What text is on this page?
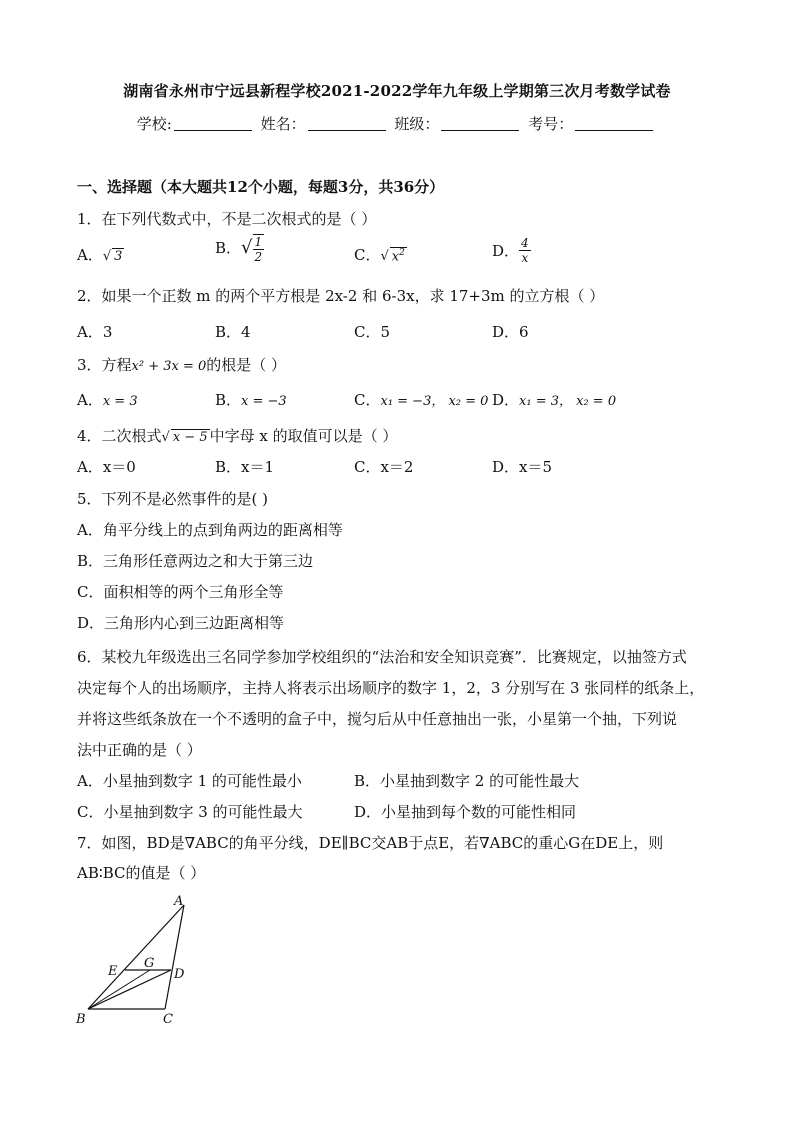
湖南省永州市宁远县新程学校2021-2022学年九年级上学期第三次月考数学试卷
学校:	姓名：	班级：	考号：
一、选择题（本大题共12个小题，每题3分，共36分）
1．在下列代数式中，不是二次根式的是（ ）
A．√ 3	B．√ $\frac{1}{2}$	C．√ $x^2$	D． $\frac{4}{x}$
2．如果一个正数 m 的两个平方根是 2x-2 和 6-3x，求 17+3m 的立方根（ ）
A．3	B．4	C．5	D．6
3．方程x² + 3x = 0的根是（ ）
A．x = 3	B．x = −3	C．x₁ = −3， x₂ = 0 D．x₁ = 3， x₂ = 0
4．二次根式√ x − 5 中字母 x 的取值可以是（ ）
A．x＝0	B．x＝1	C．x＝2	D．x＝5
5．下列不是必然事件的是( )
A．角平分线上的点到角两边的距离相等
B．三角形任意两边之和大于第三边
C．面积相等的两个三角形全等
D．三角形内心到三边距离相等
6．某校九年级选出三名同学参加学校组织的“法治和安全知识竞赛”．比赛规定，以抽签方式
决定每个人的出场顺序，主持人将表示出场顺序的数字 1，2，3 分别写在 3 张同样的纸条上，
并将这些纸条放在一个不透明的盒子中，搅匀后从中任意抽出一张，小星第一个抽，下列说
法中正确的是（ ）
A．小星抽到数字 1 的可能性最小	B．小星抽到数字 2 的可能性最大
C．小星抽到数字 3 的可能性最大	D．小星抽到每个数的可能性相同
7．如图，BD是∇ABC的角平分线，DE∥BC交AB于点E，若∇ABC的重心G在DE上，则
AB∶BC的值是（ ）
A
B	C
D
E
G
